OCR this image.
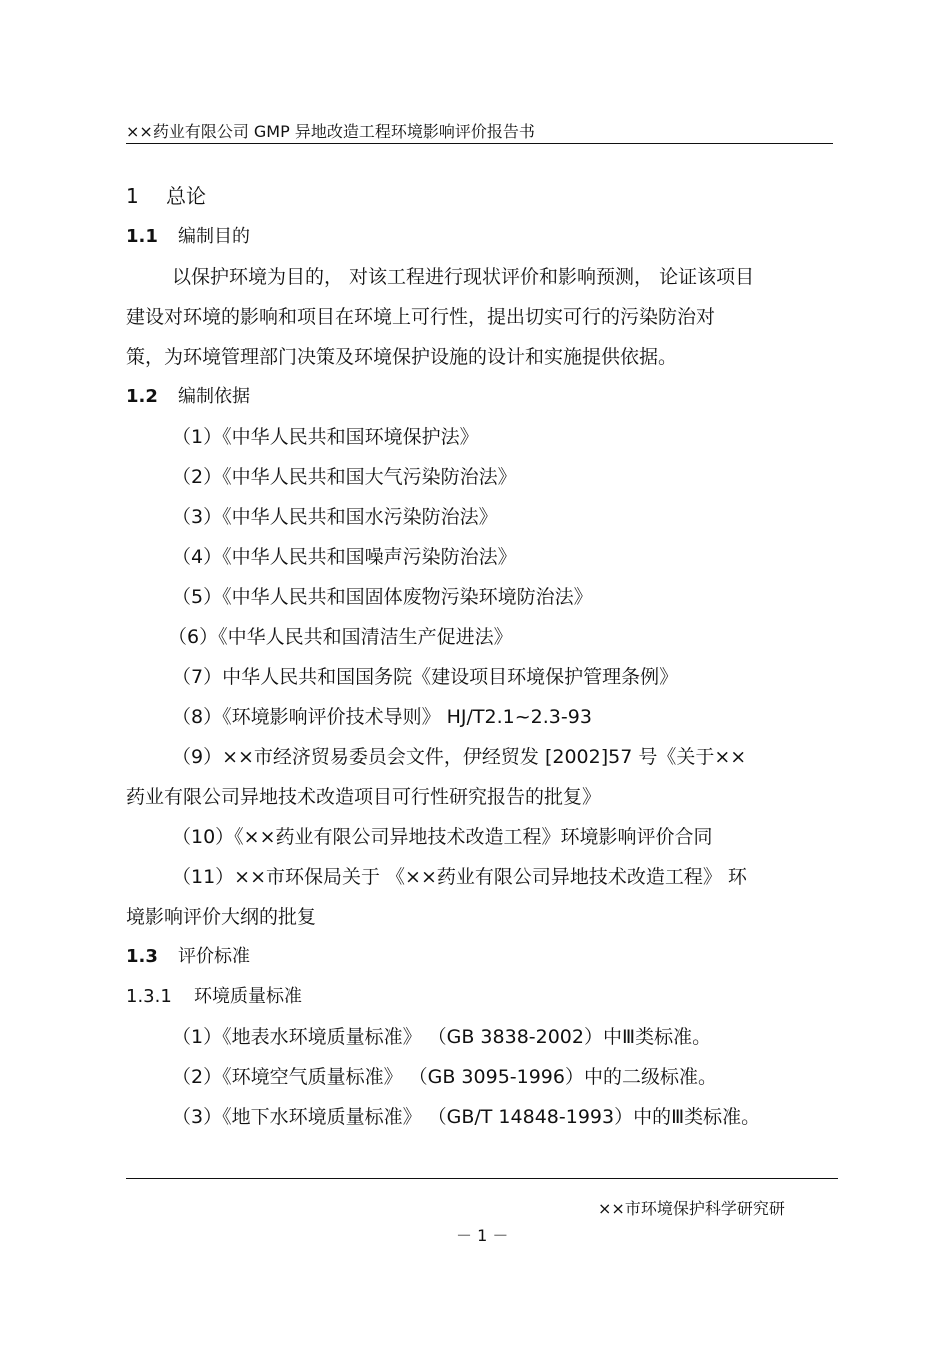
××药业有限公司 GMP 异地改造工程环境影响评价报告书
1 总论
1.1 编制目的
以保护环境为目的， 对该工程进行现状评价和影响预测， 论证该项目
建设对环境的影响和项目在环境上可行性，提出切实可行的污染防治对
策，为环境管理部门决策及环境保护设施的设计和实施提供依据。
1.2 编制依据
（1）《中华人民共和国环境保护法》
（2）《中华人民共和国大气污染防治法》
（3）《中华人民共和国水污染防治法》
（4）《中华人民共和国噪声污染防治法》
（5）《中华人民共和国固体废物污染环境防治法》
（6）《中华人民共和国清洁生产促进法》
（7）中华人民共和国国务院《建设项目环境保护管理条例》
（8）《环境影响评价技术导则》 HJ/T2.1~2.3-93
（9）××市经济贸易委员会文件，伊经贸发 [2002]57 号《关于××
药业有限公司异地技术改造项目可行性研究报告的批复》
（10）《××药业有限公司异地技术改造工程》环境影响评价合同
（11）××市环保局关于 《××药业有限公司异地技术改造工程》 环
境影响评价大纲的批复
1.3 评价标准
1.3.1 环境质量标准
（1）《地表水环境质量标准》 （GB 3838-2002）中Ⅲ类标准。
（2）《环境空气质量标准》 （GB 3095-1996）中的二级标准。
（3）《地下水环境质量标准》 （GB/T 14848-1993）中的Ⅲ类标准。
××市环境保护科学研究研
－ 1 －
